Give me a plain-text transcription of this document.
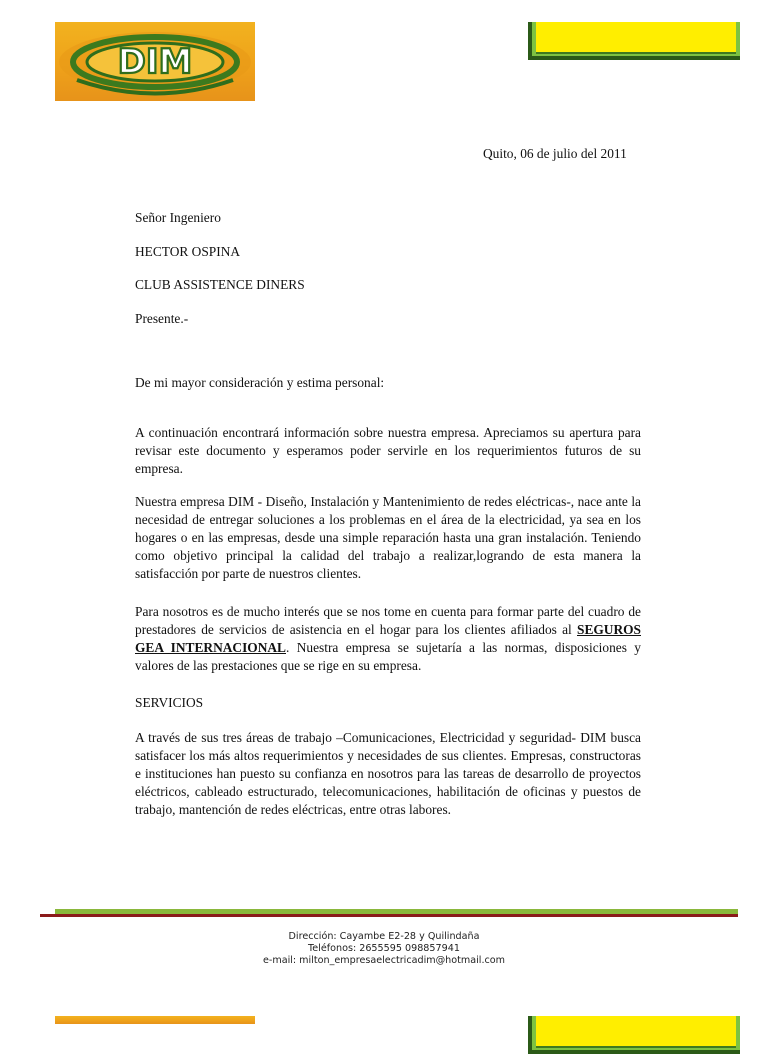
DIM
Quito, 06 de julio del 2011
Señor Ingeniero
HECTOR OSPINA
CLUB ASSISTENCE DINERS
Presente.-
De mi mayor consideración y estima personal:
A continuación encontrará información sobre nuestra empresa. Apreciamos su apertura para revisar este documento y esperamos poder servirle en los requerimientos futuros de su empresa.
Nuestra empresa DIM - Diseño, Instalación y Mantenimiento de redes eléctricas-, nace ante la necesidad de entregar soluciones a los problemas en el área de la electricidad, ya sea en los hogares o en las empresas, desde una simple reparación hasta una gran instalación. Teniendo como objetivo principal la calidad del trabajo a realizar,logrando de esta manera la satisfacción por parte de nuestros clientes.
Para nosotros es de mucho interés que se nos tome en cuenta para formar parte del cuadro de prestadores de servicios de asistencia en el hogar para los clientes afiliados al SEGUROS GEA INTERNACIONAL. Nuestra empresa se sujetaría a las normas, disposiciones y valores de las prestaciones que se rige en su empresa.
SERVICIOS
A través de sus tres áreas de trabajo –Comunicaciones, Electricidad y seguridad- DIM busca satisfacer los más altos requerimientos y necesidades de sus clientes. Empresas, constructoras e instituciones han puesto su confianza en nosotros para las tareas de desarrollo de proyectos eléctricos, cableado estructurado, telecomunicaciones, habilitación de oficinas y puestos de trabajo, mantención de redes eléctricas, entre otras labores.
Dirección: Cayambe E2-28 y Quilindaña
Teléfonos: 2655595 098857941
e-mail: milton_empresaelectricadim@hotmail.com
